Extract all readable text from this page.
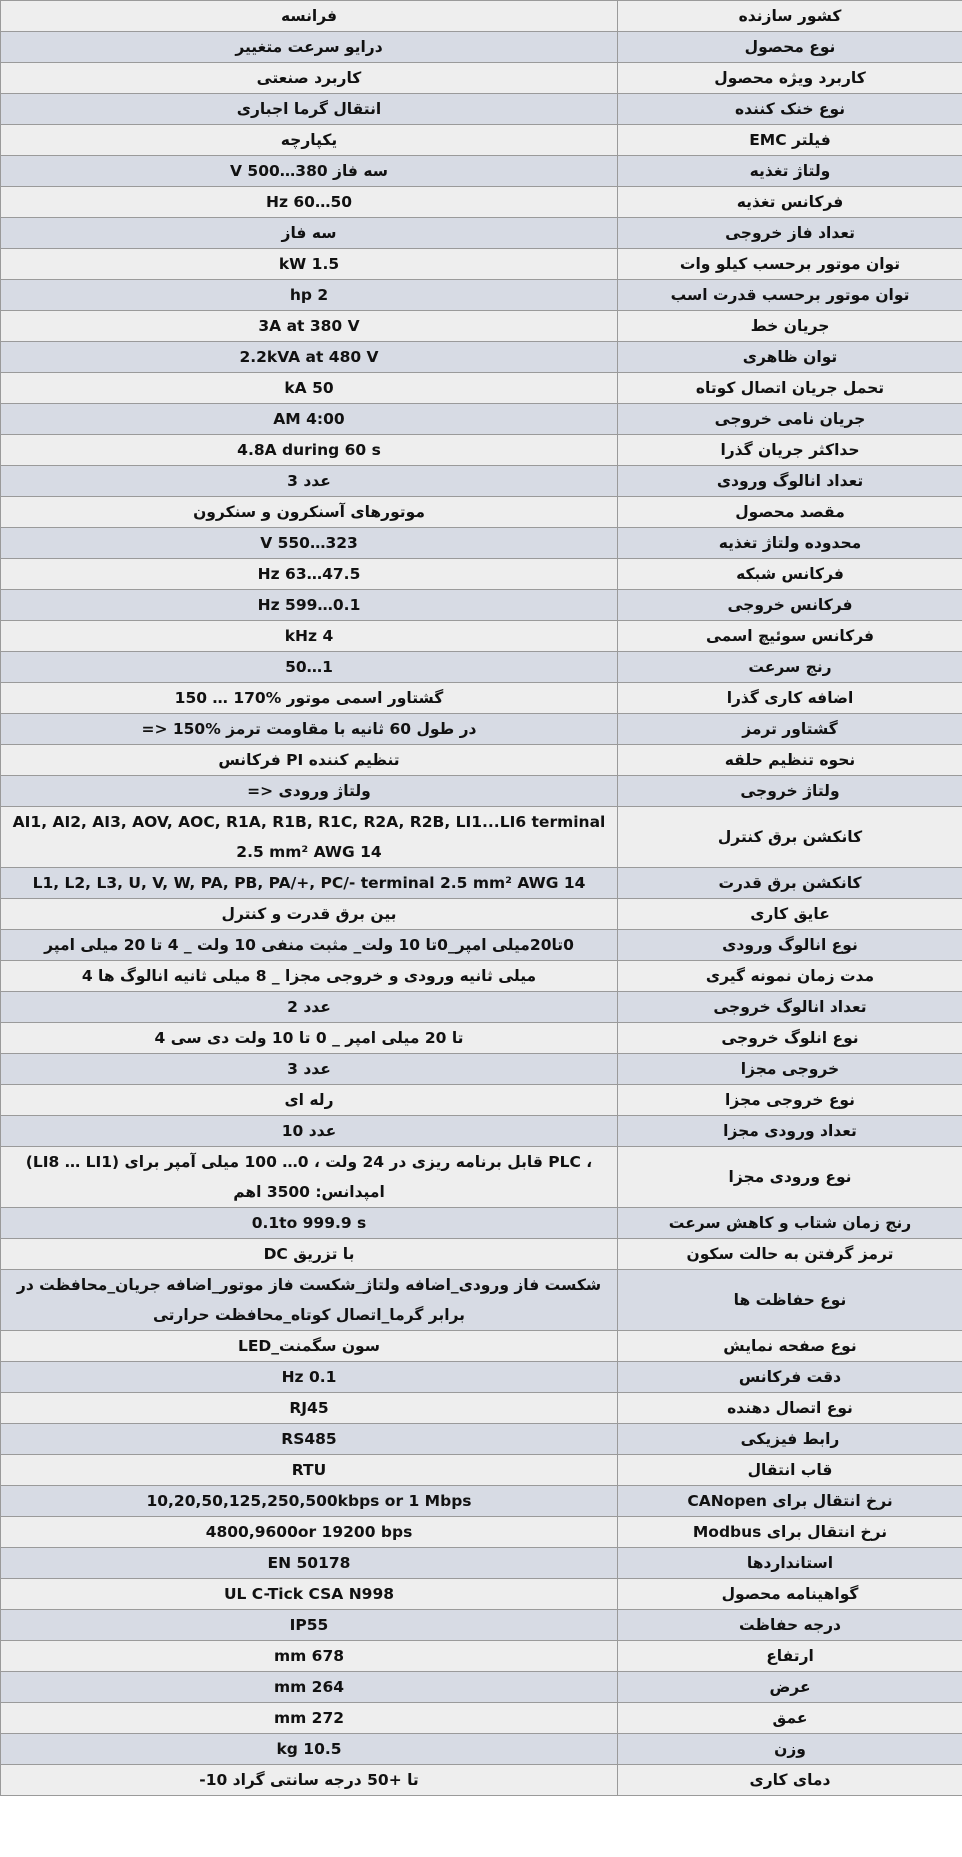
فرانسه	کشور سازنده
درایو سرعت متغییر	نوع محصول
کاربرد صنعتی	کاربرد ویژه محصول
انتقال گرما اجباری	نوع خنک کننده
یکپارچه	فیلتر EMC
سه فاز 380…500 V	ولتاژ تغذیه
50…60 Hz	فرکانس تغذیه
سه فاز	تعداد فاز خروجی
1.5 kW	توان موتور برحسب کیلو وات
2 hp	توان موتور برحسب قدرت اسب
3A at 380 V	جریان خط
2.2kVA at 480 V	توان ظاهری
50 kA	تحمل جریان اتصال کوتاه
4:00 AM	جریان نامی خروجی
4.8A during 60 s	حداکثر جریان گذرا
عدد 3	تعداد انالوگ ورودی
موتورهای آسنکرون و سنکرون	مقصد محصول
323…550 V	محدوده ولتاژ تغذیه
47.5…63 Hz	فرکانس شبکه
0.1…599 Hz	فرکانس خروجی
4 kHz	فرکانس سوئیچ اسمی
1…50	رنج سرعت
گشتاور اسمی موتور %170 … 150	اضافه کاری گذرا
در طول 60 ثانیه با مقاومت ترمز %150 <=	گشتاور ترمز
تنظیم کننده PI فرکانس	نحوه تنظیم حلقه
ولتاژ ورودی <=	ولتاژ خروجی
AI1, AI2, AI3, AOV, AOC, R1A, R1B, R1C, R2A, R2B, LI1...LI6 terminal 2.5 mm² AWG 14	کانکشن برق کنترل
L1, L2, L3, U, V, W, PA, PB, PA/+, PC/- terminal 2.5 mm² AWG 14	کانکشن برق قدرت
بین برق قدرت و کنترل	عایق کاری
0تا20میلی امپر_0تا 10 ولت_ مثبت منفی 10 ولت _ 4 تا 20 میلی امپر	نوع انالوگ ورودی
میلی ثانیه ورودی و خروجی مجزا _ 8 میلی ثانیه انالوگ ها 4	مدت زمان نمونه گیری
عدد 2	تعداد انالوگ خروجی
تا 20 میلی امپر _ 0 تا 10 ولت دی سی 4	نوع انلوگ خروجی
عدد 3	خروجی مجزا
رله ای	نوع خروجی مجزا
عدد 10	تعداد ورودی مجزا
، PLC قابل برنامه ریزی در 24 ولت ، 0… 100 میلی آمپر برای (LI8 … LI1) امپدانس: 3500 اهم	نوع ورودی مجزا
0.1to 999.9 s	رنج زمان شتاب و کاهش سرعت
با تزریق DC	ترمز گرفتن به حالت سکون
شکست فاز ورودی_اضافه ولتاژ_شکست فاز موتور_اضافه جریان_محافظت در برابر گرما_اتصال کوتاه_محافظت حرارتی	نوع حفاظت ها
سون سگمنت_LED	نوع صفحه نمایش
0.1 Hz	دقت فرکانس
RJ45	نوع اتصال دهنده
RS485	رابط فیزیکی
RTU	قاب انتقال
10,20,50,125,250,500kbps or 1 Mbps	نرخ انتقال برای CANopen
4800,9600or 19200 bps	نرخ انتقال برای Modbus
EN 50178	استانداردها
UL C-Tick CSA N998	گواهینامه محصول
IP55	درجه حفاظت
678 mm	ارتفاع
264 mm	عرض
272 mm	عمق
10.5 kg	وزن
تا +50 درجه سانتی گراد 10-	دمای کاری
